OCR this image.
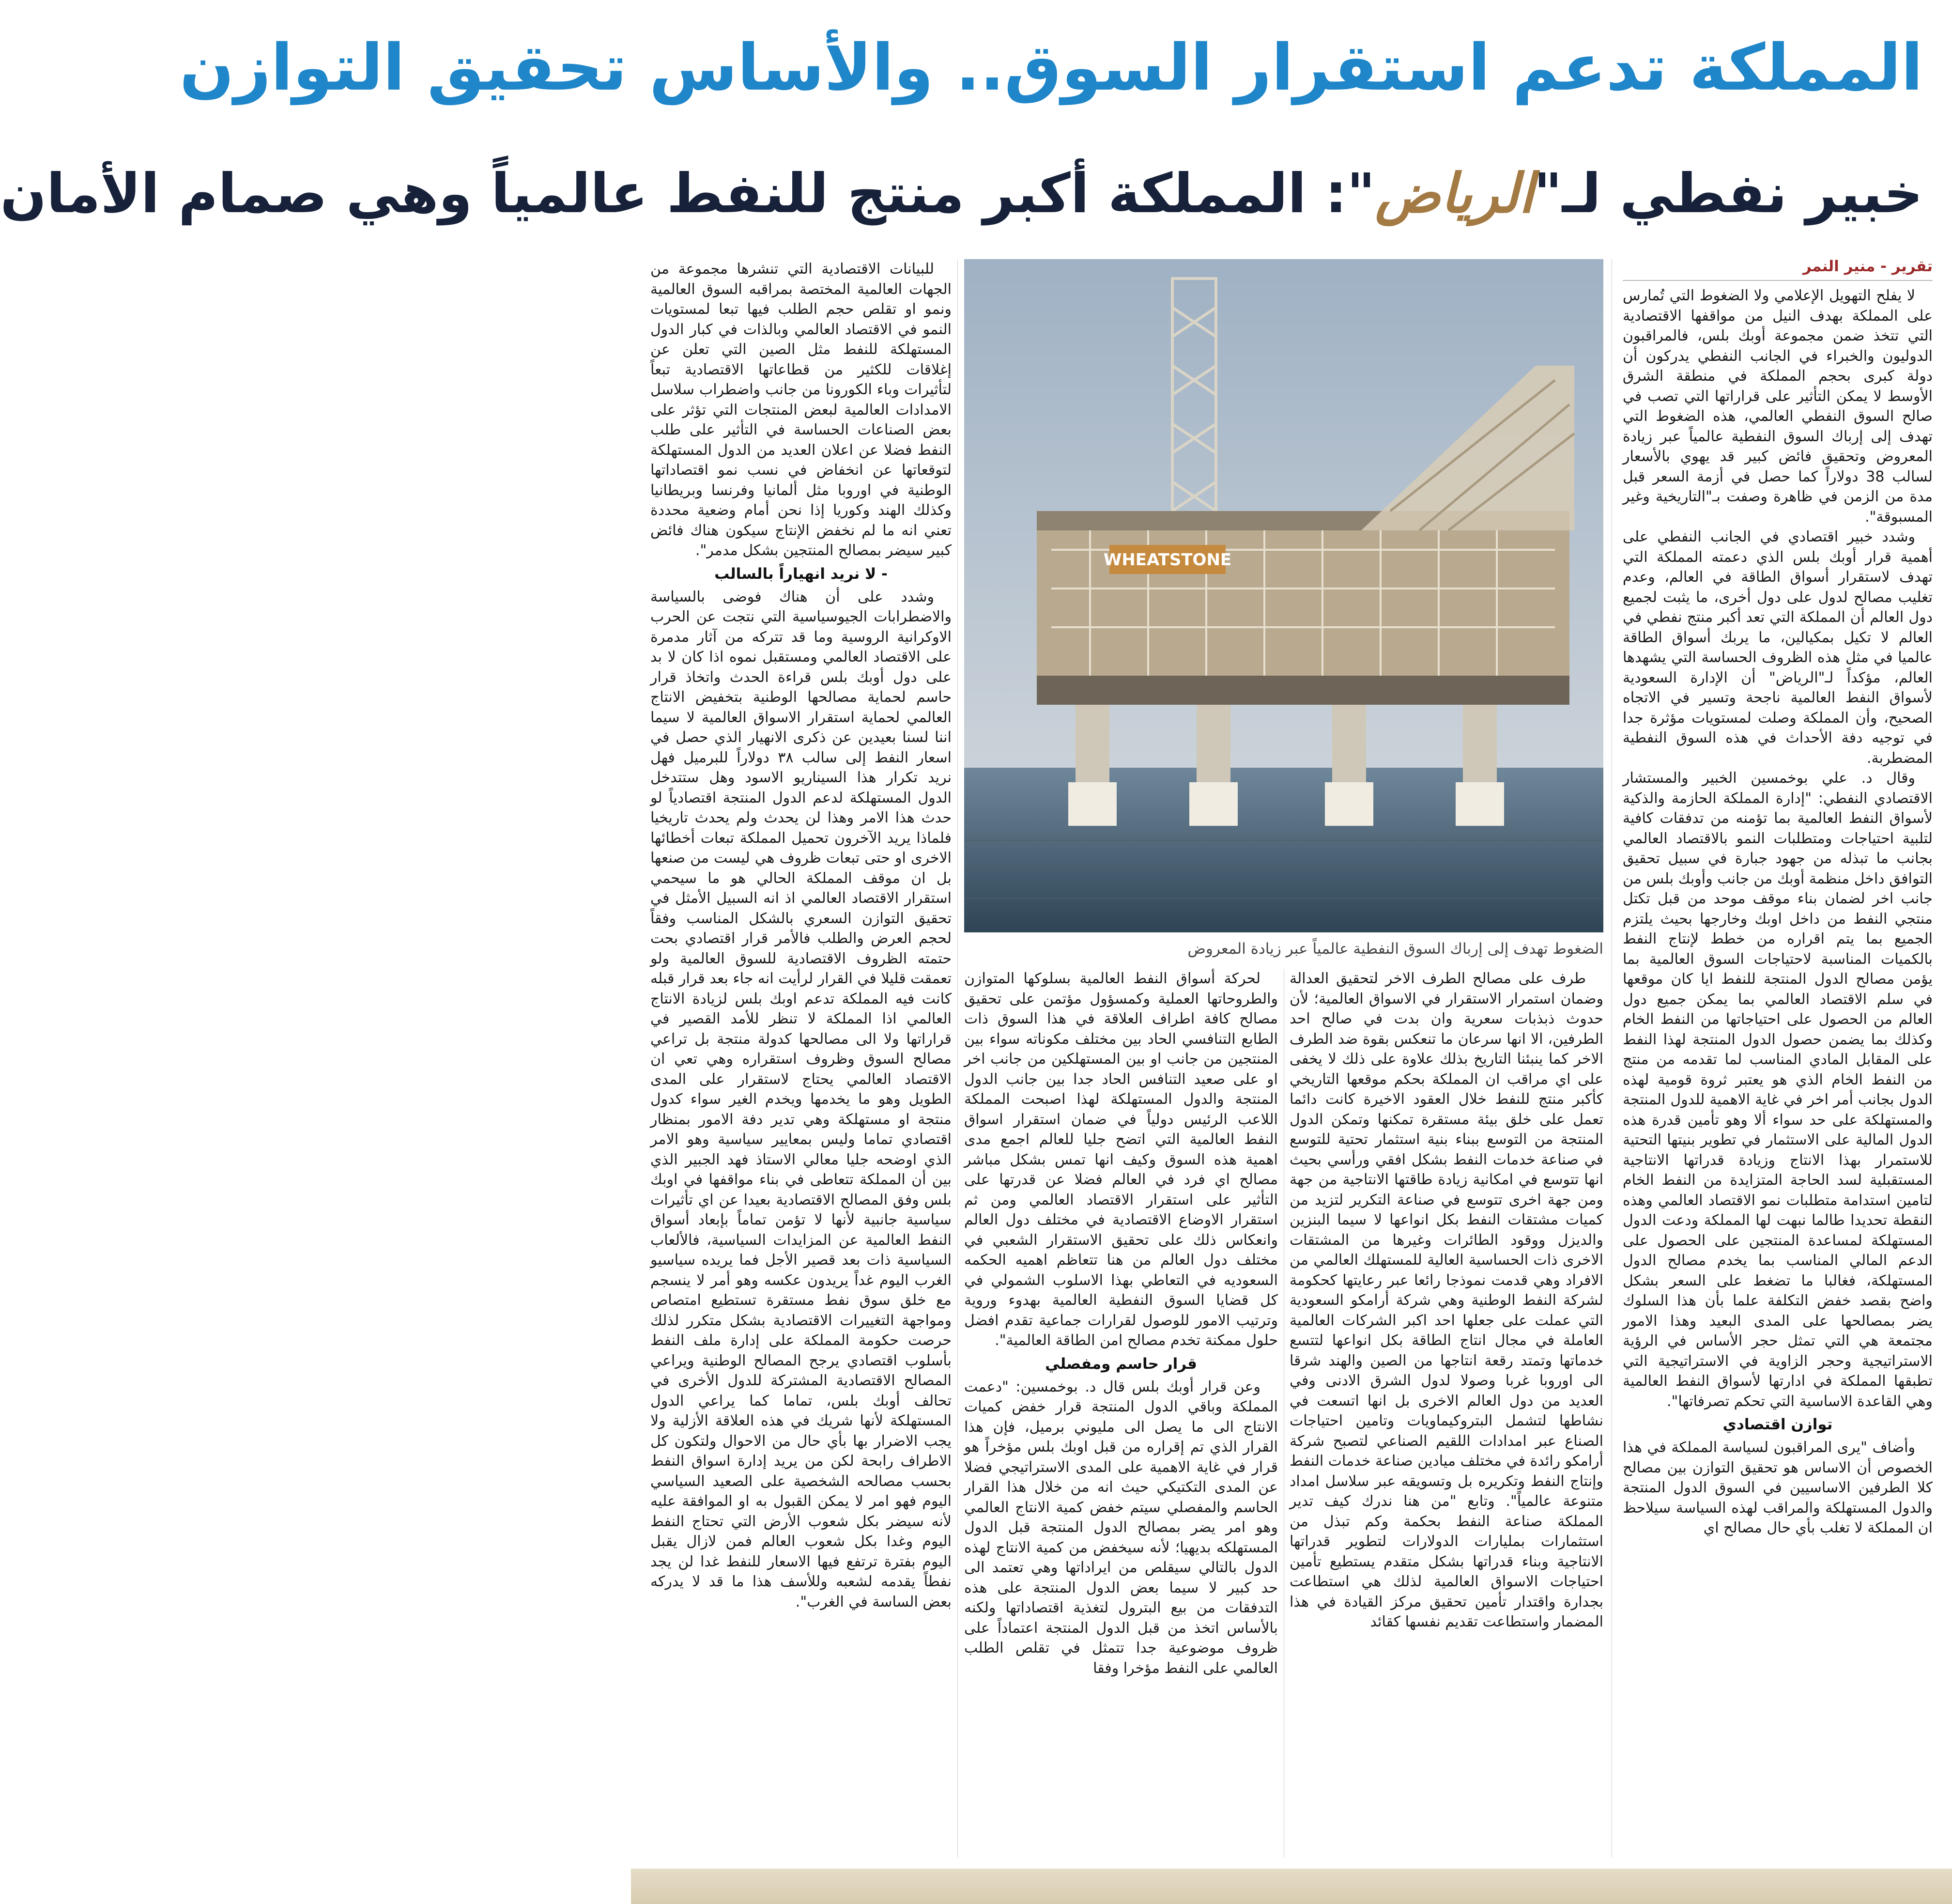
المملكة تدعم استقرار السوق.. والأساس تحقيق التوازن
خبير نفطي لـ"الرياض": المملكة أكبر منتج للنفط عالمياً وهي صمام الأمان
تقرير - منير النمر

لا يفلح التهويل الإعلامي ولا الضغوط التي تُمارس على المملكة بهدف النيل من مواقفها الاقتصادية التي تتخذ ضمن مجموعة أوبك بلس، فالمراقبون الدوليون والخبراء في الجانب النفطي يدركون أن دولة كبرى بحجم المملكة في منطقة الشرق الأوسط لا يمكن التأثير على قراراتها التي تصب في صالح السوق النفطي العالمي، هذه الضغوط التي تهدف إلى إرباك السوق النفطية عالمياً عبر زيادة المعروض وتحقيق فائض كبير قد يهوي بالأسعار لسالب 38 دولاراً كما حصل في أزمة السعر قبل مدة من الزمن في ظاهرة وصفت بـ"التاريخية وغير المسبوقة".

وشدد خبير اقتصادي في الجانب النفطي على أهمية قرار أوبك بلس الذي دعمته المملكة التي تهدف لاستقرار أسواق الطاقة في العالم، وعدم تغليب مصالح لدول على دول أخرى، ما يثبت لجميع دول العالم أن المملكة التي تعد أكبر منتج نفطي في العالم لا تكيل بمكيالين، ما يربك أسواق الطاقة عالميا في مثل هذه الظروف الحساسة التي يشهدها العالم، مؤكداً لـ"الرياض" أن الإدارة السعودية لأسواق النفط العالمية ناجحة وتسير في الاتجاه الصحيح، وأن المملكة وصلت لمستويات مؤثرة جدا في توجيه دفة الأحداث في هذه السوق النفطية المضطربة.

وقال د. علي بوخمسين الخبير والمستشار الاقتصادي النفطي: "إدارة المملكة الحازمة والذكية لأسواق النفط العالمية بما تؤمنه من تدفقات كافية لتلبية احتياجات ومتطلبات النمو بالاقتصاد العالمي بجانب ما تبذله من جهود جبارة في سبيل تحقيق التوافق داخل منظمة أوبك من جانب وأوبك بلس من جانب اخر لضمان بناء موقف موحد من قبل تكتل منتجي النفط من داخل اوبك وخارجها بحيث يلتزم الجميع بما يتم اقراره من خطط لإنتاج النفط بالكميات المناسبة لاحتياجات السوق العالمية بما يؤمن مصالح الدول المنتجة للنفط ايا كان موقعها في سلم الاقتصاد العالمي بما يمكن جميع دول العالم من الحصول على احتياجاتها من النفط الخام وكذلك بما يضمن حصول الدول المنتجة لهذا النفط على المقابل المادي المناسب لما تقدمه من منتج من النفط الخام الذي هو يعتبر ثروة قومية لهذه الدول بجانب أمر اخر في غاية الاهمية للدول المنتجة والمستهلكة على حد سواء ألا وهو تأمين قدرة هذه الدول المالية على الاستثمار في تطوير بنيتها التحتية للاستمرار بهذا الانتاج وزيادة قدراتها الانتاجية المستقبلية لسد الحاجة المتزايدة من النفط الخام لتامين استدامة متطلبات نمو الاقتصاد العالمي وهذه النقطة تحديدا طالما نبهت لها المملكة ودعت الدول المستهلكة لمساعدة المنتجين على الحصول على الدعم المالي المناسب بما يخدم مصالح الدول المستهلكة، فغالبا ما تضغط على السعر بشكل واضح بقصد خفض التكلفة علما بأن هذا السلوك يضر بمصالحها على المدى البعيد وهذا الامور مجتمعة هي التي تمثل حجر الأساس في الرؤية الاستراتيجية وحجر الزاوية في الاستراتيجية التي تطبقها المملكة في ادارتها لأسواق النفط العالمية وهي القاعدة الاساسية التي تحكم تصرفاتها".

توازن اقتصادي

وأضاف "يرى المراقبون لسياسة المملكة في هذا الخصوص أن الاساس هو تحقيق التوازن بين مصالح كلا الطرفين الاساسيين في السوق الدول المنتجة والدول المستهلكة والمراقب لهذه السياسة سيلاحظ ان المملكة لا تغلب بأي حال مصالح اي

WHEATSTONE
الضغوط تهدف إلى إرباك السوق النفطية عالمياً عبر زيادة المعروض

طرف على مصالح الطرف الاخر لتحقيق العدالة وضمان استمرار الاستقرار في الاسواق العالمية؛ لأن حدوث ذبذبات سعرية وان بدت في صالح احد الطرفين، الا انها سرعان ما تنعكس بقوة ضد الطرف الاخر كما ينبئنا التاريخ بذلك علاوة على ذلك لا يخفى على اي مراقب ان المملكة بحكم موقعها التاريخي كأكبر منتج للنفط خلال العقود الاخيرة كانت دائما تعمل على خلق بيئة مستقرة تمكنها وتمكن الدول المنتجة من التوسع ببناء بنية استثمار تحتية للتوسع في صناعة خدمات النفط بشكل افقي ورأسي بحيث انها تتوسع في امكانية زيادة طاقتها الانتاجية من جهة ومن جهة اخرى تتوسع في صناعة التكرير لتزيد من كميات مشتقات النفط بكل انواعها لا سيما البنزين والديزل ووقود الطائرات وغيرها من المشتقات الاخرى ذات الحساسية العالية للمستهلك العالمي من الافراد وهي قدمت نموذجا رائعا عبر رعايتها كحكومة لشركة النفط الوطنية وهي شركة أرامكو السعودية التي عملت على جعلها احد اكبر الشركات العالمية العاملة في مجال انتاج الطاقة بكل انواعها لتتسع خدماتها وتمتد رقعة انتاجها من الصين والهند شرقا الى اوروبا غربا وصولا لدول الشرق الادنى وفي العديد من دول العالم الاخرى بل انها اتسعت في نشاطها لتشمل البتروكيماويات وتامين احتياجات الصناع عبر امدادات اللقيم الصناعي لتصبح شركة أرامكو رائدة في مختلف ميادين صناعة خدمات النفط وإنتاج النفط وتكريره بل وتسويقه عبر سلاسل امداد متنوعة عالمياً". وتابع "من هنا ندرك كيف تدير المملكة صناعة النفط بحكمة وكم تبذل من استثمارات بمليارات الدولارات لتطوير قدراتها الانتاجية وبناء قدراتها بشكل متقدم يستطيع تأمين احتياجات الاسواق العالمية لذلك هي استطاعت بجدارة واقتدار تأمين تحقيق مركز القيادة في هذا المضمار واستطاعت تقديم نفسها كقائد

لحركة أسواق النفط العالمية بسلوكها المتوازن والطروحاتها العملية وكمسؤول مؤتمن على تحقيق مصالح كافة اطراف العلاقة في هذا السوق ذات الطابع التنافسي الحاد بين مختلف مكوناته سواء بين المنتجين من جانب او بين المستهلكين من جانب اخر او على صعيد التنافس الحاد جدا بين جانب الدول المنتجة والدول المستهلكة لهذا اصبحت المملكة اللاعب الرئيس دولياً في ضمان استقرار اسواق النفط العالمية التي اتضح جليا للعالم اجمع مدى اهمية هذه السوق وكيف انها تمس بشكل مباشر مصالح اي فرد في العالم فضلا عن قدرتها على التأثير على استقرار الاقتصاد العالمي ومن ثم استقرار الاوضاع الاقتصادية في مختلف دول العالم وانعكاس ذلك على تحقيق الاستقرار الشعبي في مختلف دول العالم من هنا تتعاظم اهميه الحكمه السعوديه في التعاطي بهذا الاسلوب الشمولي في كل قضايا السوق النفطية العالمية بهدوء وروية وترتيب الامور للوصول لقرارات جماعية تقدم افضل حلول ممكنة تخدم مصالح امن الطاقة العالمية".

قرار حاسم ومفصلي

وعن قرار أوبك بلس قال د. بوخمسين: "دعمت المملكة وباقي الدول المنتجة قرار خفض كميات الانتاج الى ما يصل الى مليوني برميل، فإن هذا القرار الذي تم إقراره من قبل اوبك بلس مؤخراً هو قرار في غاية الاهمية على المدى الاستراتيجي فضلا عن المدى التكتيكي حيث انه من خلال هذا القرار الحاسم والمفصلي سيتم خفض كمية الانتاج العالمي وهو امر يضر بمصالح الدول المنتجة قبل الدول المستهلكه بديهيا؛ لأنه سيخفض من كمية الانتاج لهذه الدول بالتالي سيقلص من ايراداتها وهي تعتمد الى حد كبير لا سيما بعض الدول المنتجة على هذه التدفقات من بيع البترول لتغذية اقتصاداتها ولكنه بالأساس اتخذ من قبل الدول المنتجة اعتماداً على ظروف موضوعية جدا تتمثل في تقلص الطلب العالمي على النفط مؤخرا وفقا

للبيانات الاقتصادية التي تنشرها مجموعة من الجهات العالمية المختصة بمراقبه السوق العالمية ونمو او تقلص حجم الطلب فيها تبعا لمستويات النمو في الاقتصاد العالمي وبالذات في كبار الدول المستهلكة للنفط مثل الصين التي تعلن عن إغلاقات للكثير من قطاعاتها الاقتصادية تبعاً لتأثيرات وباء الكورونا من جانب واضطراب سلاسل الامدادات العالمية لبعض المنتجات التي تؤثر على بعض الصناعات الحساسة في التأثير على طلب النفط فضلا عن اعلان العديد من الدول المستهلكة لتوقعاتها عن انخفاض في نسب نمو اقتصاداتها الوطنية في اوروبا مثل ألمانيا وفرنسا وبريطانيا وكذلك الهند وكوريا إذا نحن أمام وضعية محددة تعني انه ما لم نخفض الإنتاج سيكون هناك فائض كبير سيضر بمصالح المنتجين بشكل مدمر".

- لا نريد انهياراً بالسالب

وشدد على أن هناك فوضى بالسياسة والاضطرابات الجيوسياسية التي نتجت عن الحرب الاوكرانية الروسية وما قد تتركه من آثار مدمرة على الاقتصاد العالمي ومستقبل نموه اذا كان لا بد على دول أوبك بلس قراءة الحدث واتخاذ قرار حاسم لحماية مصالحها الوطنية بتخفيض الانتاج العالمي لحماية استقرار الاسواق العالمية لا سيما اننا لسنا بعيدين عن ذكرى الانهيار الذي حصل في اسعار النفط إلى سالب ٣٨ دولاراً للبرميل فهل نريد تكرار هذا السيناريو الاسود وهل ستتدخل الدول المستهلكة لدعم الدول المنتجة اقتصادياً لو حدث هذا الامر وهذا لن يحدث ولم يحدث تاريخيا فلماذا يريد الآخرون تحميل المملكة تبعات أخطائها الاخرى او حتى تبعات ظروف هي ليست من صنعها بل ان موقف المملكة الحالي هو ما سيحمي استقرار الاقتصاد العالمي اذ انه السبيل الأمثل في تحقيق التوازن السعري بالشكل المناسب وفقاً لحجم العرض والطلب فالأمر قرار اقتصادي بحت حتمته الظروف الاقتصادية للسوق العالمية ولو تعمقت قليلا في القرار لرأيت انه جاء بعد قرار قبله كانت فيه المملكة تدعم اوبك بلس لزيادة الانتاج العالمي اذا المملكة لا تنظر للأمد القصير في قراراتها ولا الى مصالحها كدولة منتجة بل تراعي مصالح السوق وظروف استقراره وهي تعي ان الاقتصاد العالمي يحتاج لاستقرار على المدى الطويل وهو ما يخدمها ويخدم الغير سواء كدول منتجة او مستهلكة وهي تدير دفة الامور بمنظار اقتصادي تماما وليس بمعايير سياسية وهو الامر الذي اوضحه جليا معالي الاستاذ فهد الجبير الذي بين أن المملكة تتعاطى في بناء مواقفها في اوبك بلس وفق المصالح الاقتصادية بعيدا عن اي تأثيرات سياسية جانبية لأنها لا تؤمن تماماً بإبعاد أسواق النفط العالمية عن المزايدات السياسية، فالألعاب السياسية ذات بعد قصير الأجل فما يريده سياسيو الغرب اليوم غداً يريدون عكسه وهو أمر لا ينسجم مع خلق سوق نفط مستقرة تستطيع امتصاص ومواجهة التغييرات الاقتصادية بشكل متكرر لذلك حرصت حكومة المملكة على إدارة ملف النفط بأسلوب اقتصادي يرجح المصالح الوطنية ويراعي المصالح الاقتصادية المشتركة للدول الأخرى في تحالف أوبك بلس، تماما كما يراعي الدول المستهلكة لأنها شريك في هذه العلاقة الأزلية ولا يجب الاضرار بها بأي حال من الاحوال ولتكون كل الاطراف رابحة لكن من يريد إدارة اسواق النفط بحسب مصالحه الشخصية على الصعيد السياسي اليوم فهو امر لا يمكن القبول به او الموافقة عليه لأنه سيضر بكل شعوب الأرض التي تحتاج النفط اليوم وغدا بكل شعوب العالم فمن لازال يقبل اليوم بفترة ترتفع فيها الاسعار للنفط غدا لن يجد نفطاً يقدمه لشعبه وللأسف هذا ما قد لا يدركه بعض الساسة في الغرب".
